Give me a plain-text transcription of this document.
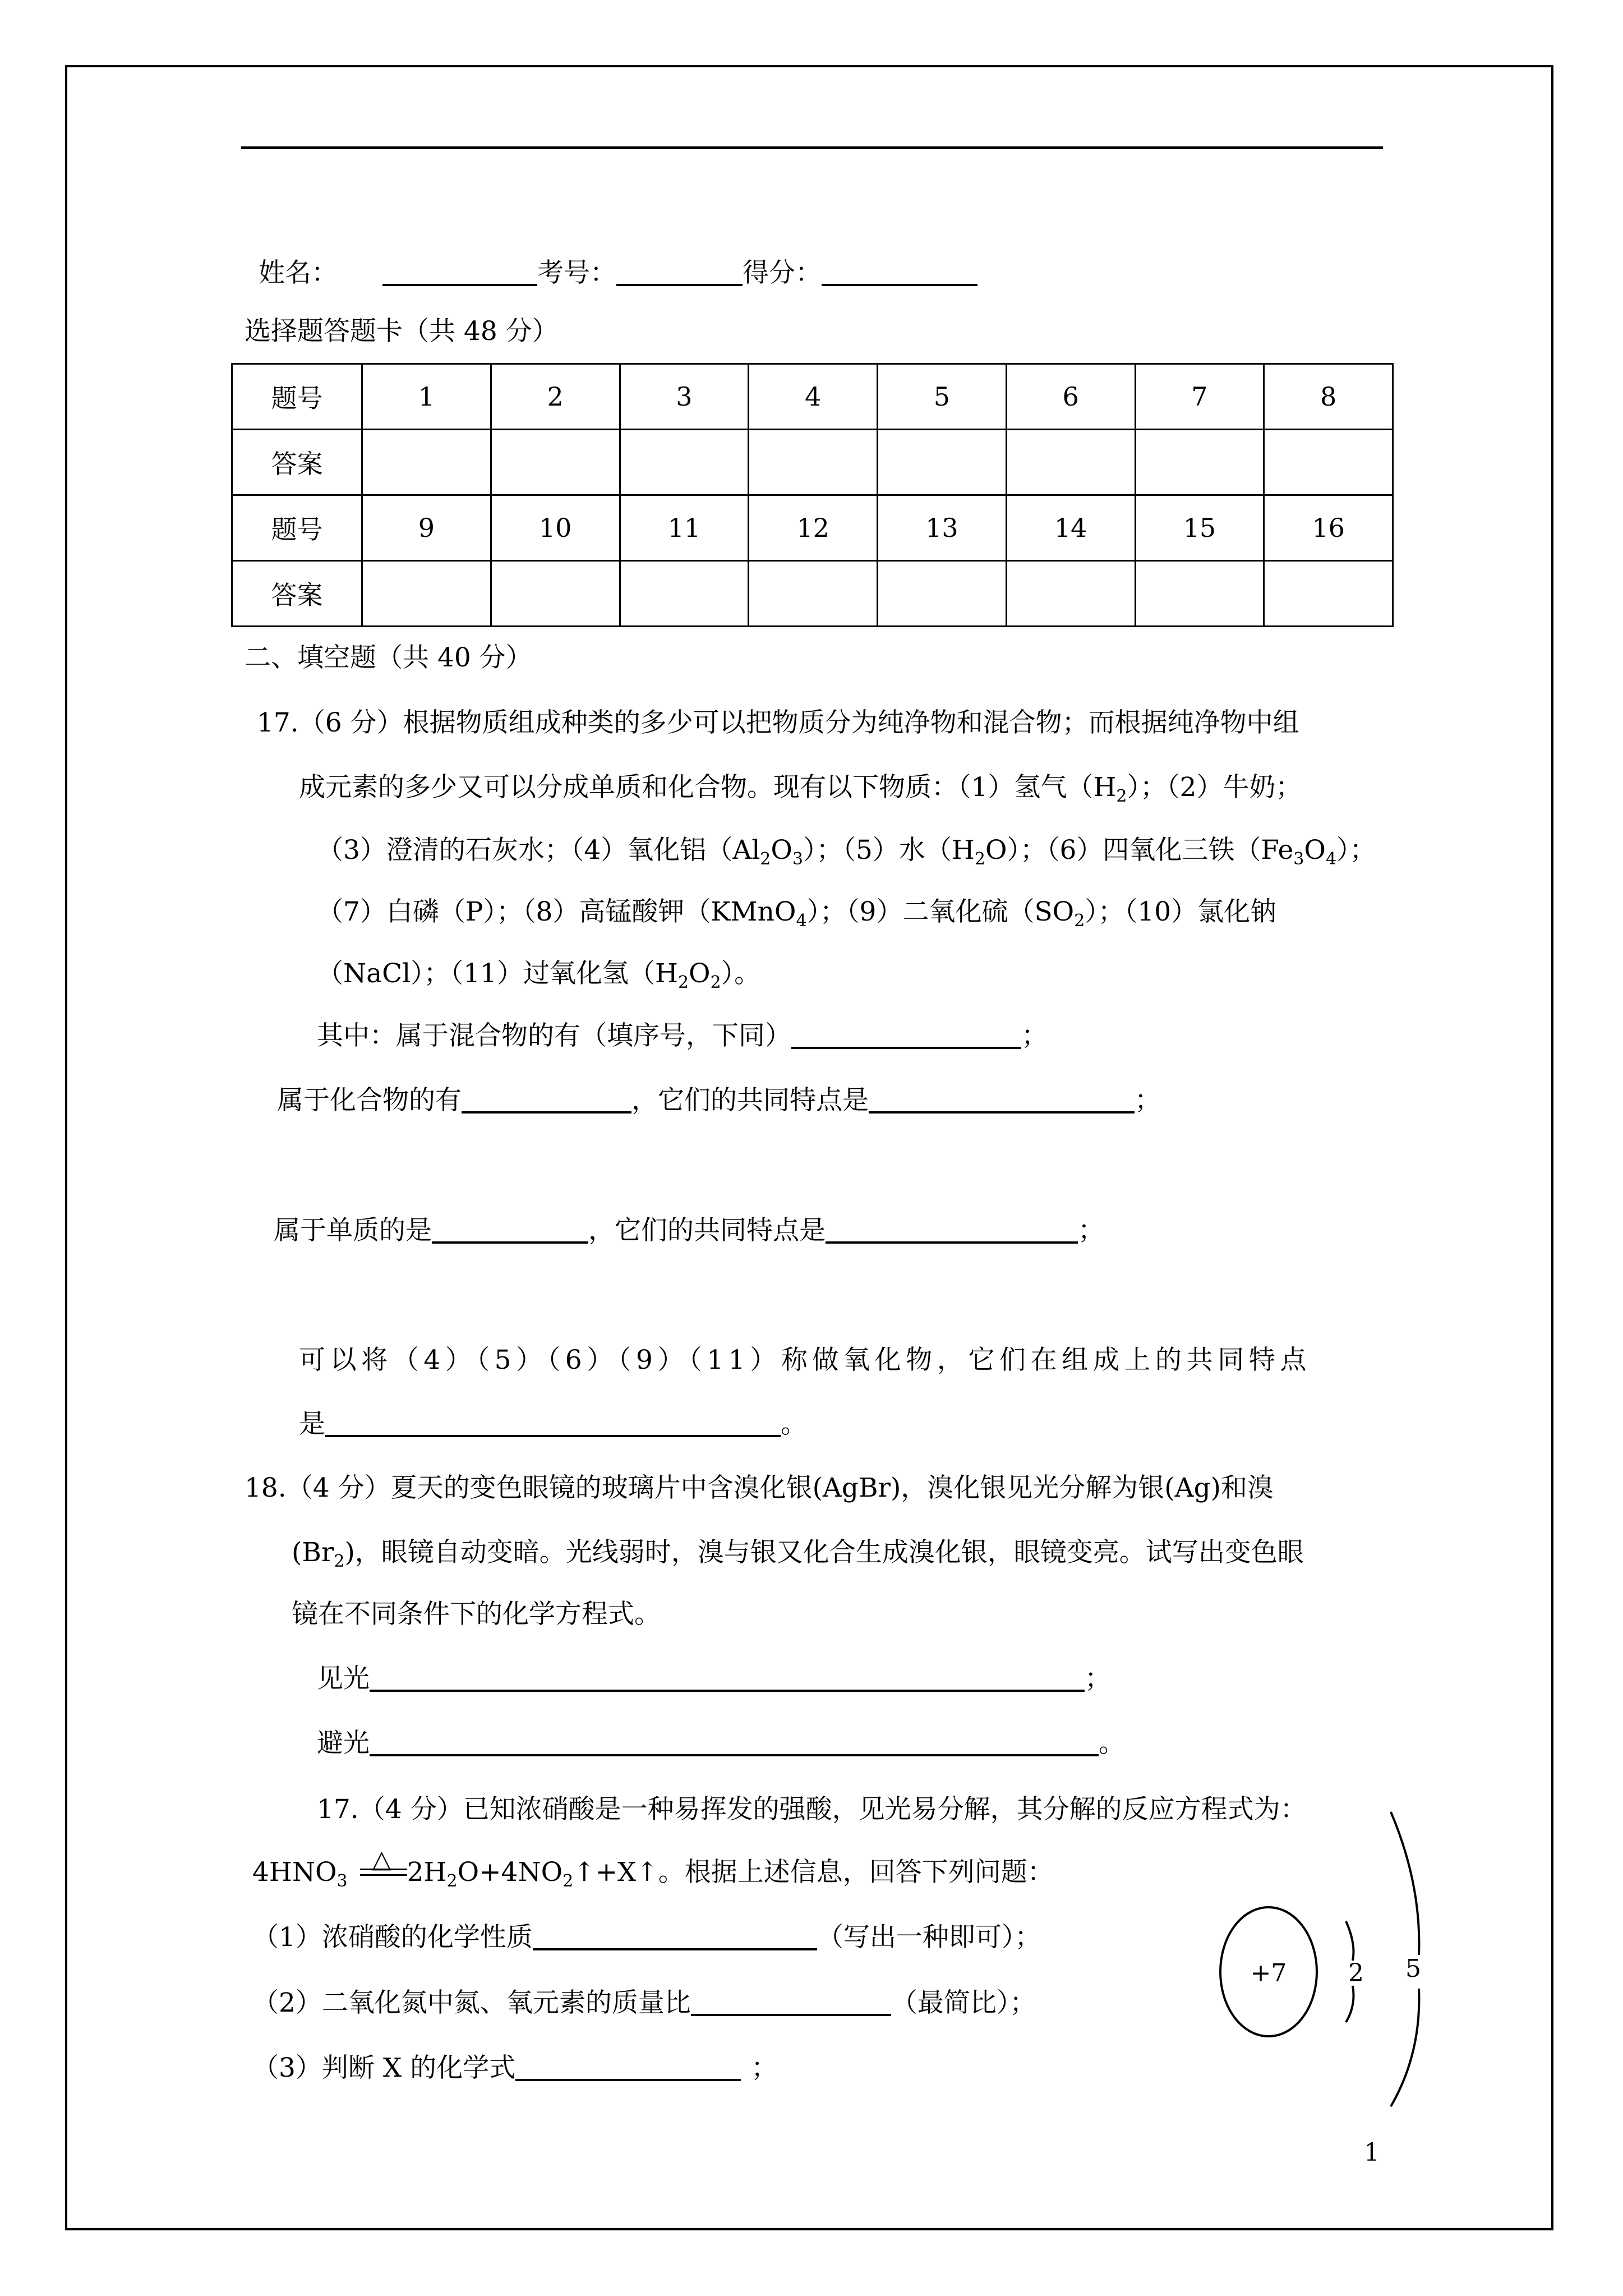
姓名：	考号：	得分：
选择题答题卡（共 48 分）
题号	1	2	3	4	5	6	7	8
答案								
题号	9	10	11	12	13	14	15	16
答案								
二、填空题（共 40 分）
17.（6 分）根据物质组成种类的多少可以把物质分为纯净物和混合物；而根据纯净物中组
成元素的多少又可以分成单质和化合物。现有以下物质：（1）氢气$(H_2)$；（2）牛奶；
（3）澄清的石灰水；（4）氧化铝$(Al_2O_3)$；（5）水$(H_2O)$；（6）四氧化三铁$(Fe_3O_4)$；
（7）白磷（P）；（8）高锰酸钾（KMnO$_4$）；（9）二氧化硫$(SO_2)$；（10）氯化钠
（NaCl）；（11）过氧化氢$(H_2O_2)$。
其中：属于混合物的有（填序号，下同）	；
属于化合物的有	，它们的共同特点是	；
属于单质的是	，它们的共同特点是	；
可以将（4）（5）（6）（9）（11）称做氧化物，它们在组成上的共同特点
是	。
18.（4 分）夏天的变色眼镜的玻璃片中含溴化银(AgBr)，溴化银见光分解为银(Ag)和溴
$(Br_2)$，眼镜自动变暗。光线弱时，溴与银又化合生成溴化银，眼镜变亮。试写出变色眼
镜在不同条件下的化学方程式。
见光	；
避光	。
17.（4 分）已知浓硝酸是一种易挥发的强酸，见光易分解，其分解的反应方程式为：
$4HNO_3$
△ $2H_2O+4NO_2↑+X↑$。根据上述信息，回答下列问题：
（1）浓硝酸的化学性质	（写出一种即可）；
（2）二氧化氮中氮、氧元素的质量比	（最简比）；
（3）判断 X 的化学式	；
+7 2 5
1
